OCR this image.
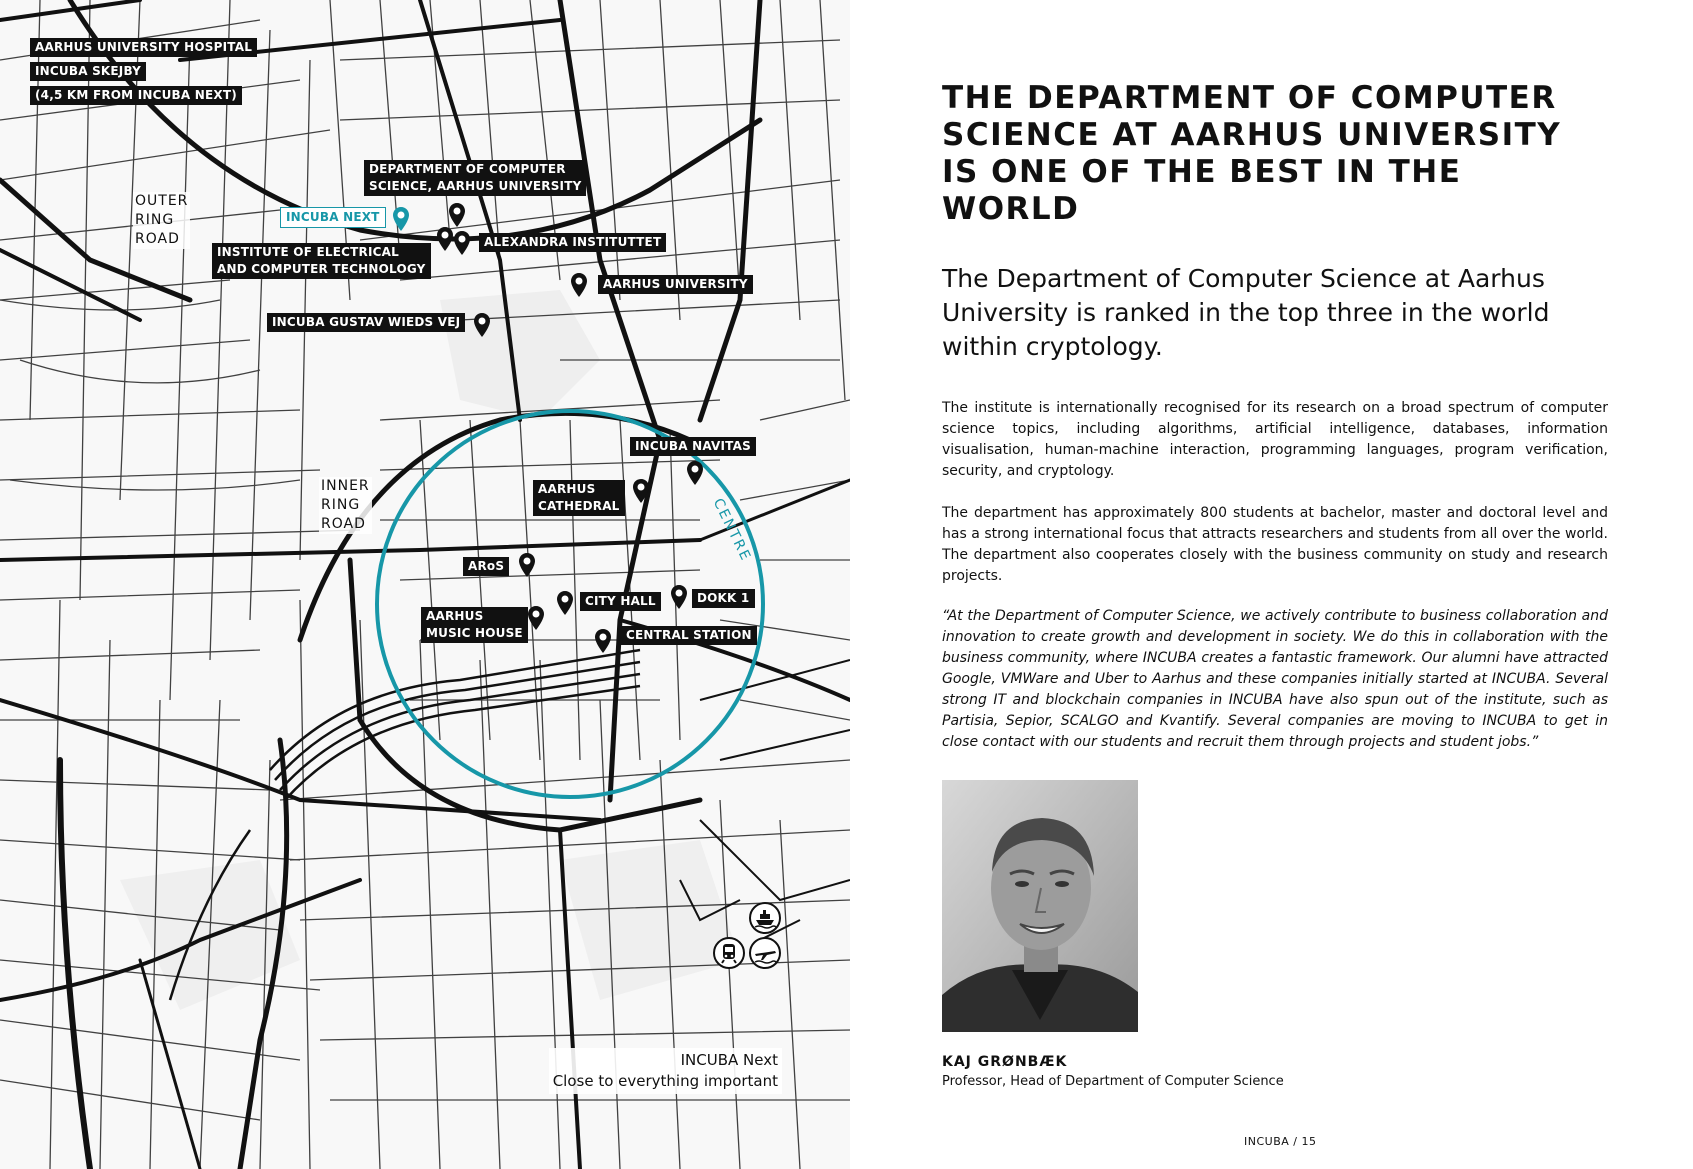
AARHUS UNIVERSITY HOSPITAL
INCUBA SKEJBY
(4,5 KM FROM INCUBA NEXT)
OUTER
RING
ROAD
INNER
RING
ROAD
DEPARTMENT OF COMPUTER
SCIENCE, AARHUS UNIVERSITY
INCUBA NEXT
ALEXANDRA INSTITUTTET
INSTITUTE OF ELECTRICAL
AND COMPUTER TECHNOLOGY
AARHUS UNIVERSITY
INCUBA GUSTAV WIEDS VEJ
INCUBA NAVITAS
AARHUS
CATHEDRAL
ARoS
CITY HALL	DOKK 1
AARHUS
MUSIC HOUSE	CENTRAL STATION
CENTRE
INCUBA Next
Close to everything important
THE DEPARTMENT OF COMPUTER SCIENCE AT AARHUS UNIVERSITY IS ONE OF THE BEST IN THE WORLD
The Department of Computer Science at Aarhus University is ranked in the top three in the world within cryptology.

The institute is internationally recognised for its research on a broad spectrum of computer science topics, including algorithms, artificial intelligence, databases, information visualisation, human-machine interaction, programming languages, program verification, security, and cryptology.

The department has approximately 800 students at bachelor, master and doctoral level and has a strong international focus that attracts researchers and students from all over the world. The department also cooperates closely with the business community on study and research projects.

“At the Department of Computer Science, we actively contribute to business collaboration and innovation to create growth and development in society. We do this in collaboration with the business community, where INCUBA creates a fantastic framework. Our alumni have attracted Google, VMWare and Uber to Aarhus and these companies initially started at INCUBA. Several strong IT and blockchain companies in INCUBA have also spun out of the institute, such as Partisia, Sepior, SCALGO and Kvantify. Several companies are moving to INCUBA to get in close contact with our students and recruit them through projects and student jobs.”

KAJ GRØNBÆK
Professor, Head of Department of Computer Science
INCUBA / 15
